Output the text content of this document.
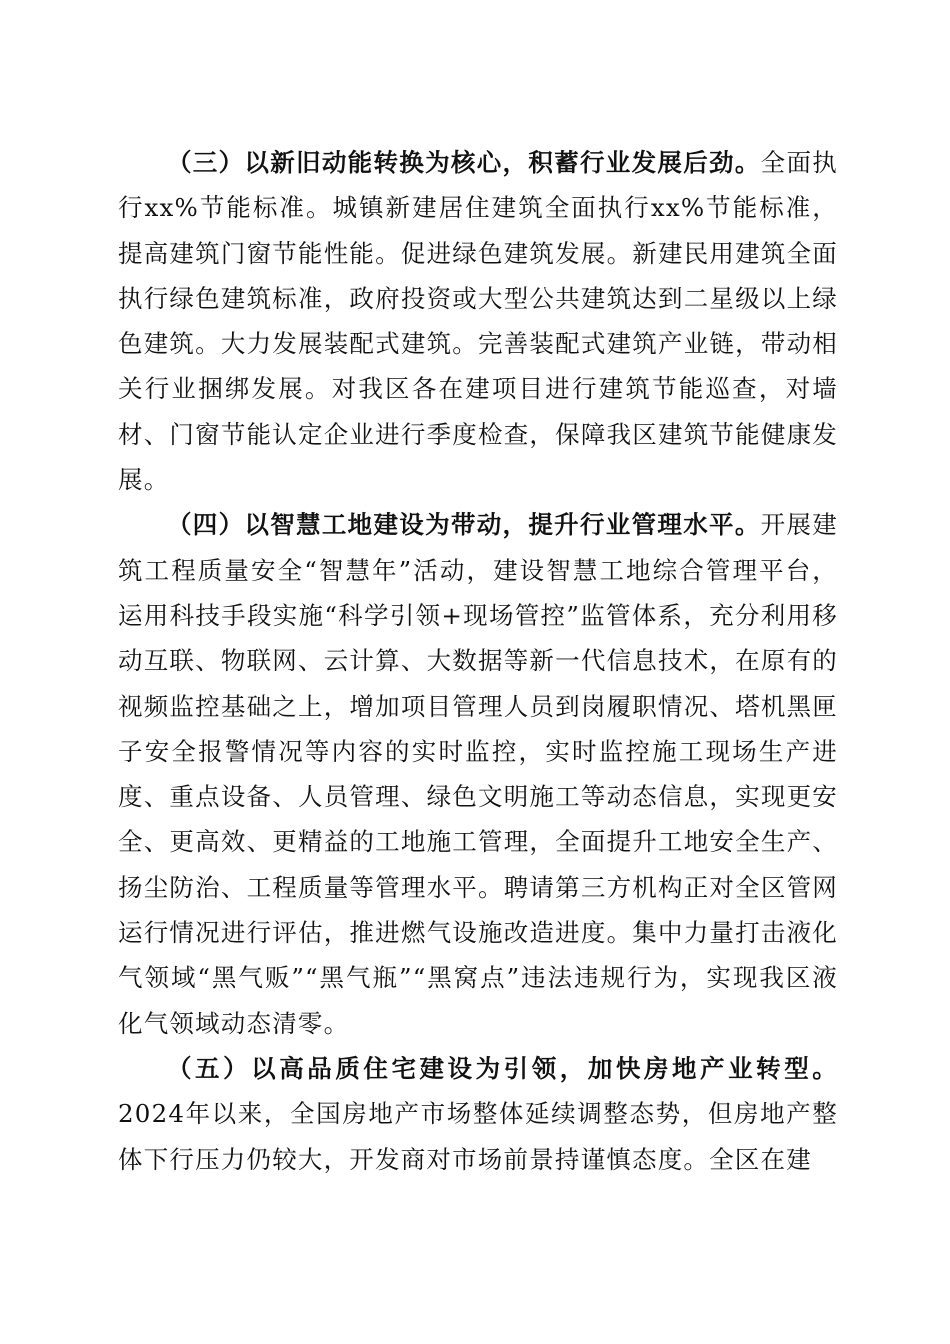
（三）以新旧动能转换为核心，积蓄行业发展后劲。全面执行xx%节能标准。城镇新建居住建筑全面执行xx%节能标准，提高建筑门窗节能性能。促进绿色建筑发展。新建民用建筑全面执行绿色建筑标准，政府投资或大型公共建筑达到二星级以上绿色建筑。大力发展装配式建筑。完善装配式建筑产业链，带动相关行业捆绑发展。对我区各在建项目进行建筑节能巡查，对墙材、门窗节能认定企业进行季度检查，保障我区建筑节能健康发展。

（四）以智慧工地建设为带动，提升行业管理水平。开展建筑工程质量安全“智慧年”活动，建设智慧工地综合管理平台，运用科技手段实施“科学引领+现场管控”监管体系，充分利用移动互联、物联网、云计算、大数据等新一代信息技术，在原有的视频监控基础之上，增加项目管理人员到岗履职情况、塔机黑匣子安全报警情况等内容的实时监控，实时监控施工现场生产进度、重点设备、人员管理、绿色文明施工等动态信息，实现更安全、更高效、更精益的工地施工管理，全面提升工地安全生产、扬尘防治、工程质量等管理水平。聘请第三方机构正对全区管网运行情况进行评估，推进燃气设施改造进度。集中力量打击液化气领域“黑气贩”“黑气瓶”“黑窝点”违法违规行为，实现我区液化气领域动态清零。

（五）以高品质住宅建设为引领，加快房地产业转型。2024年以来，全国房地产市场整体延续调整态势，但房地产整体下行压力仍较大，开发商对市场前景持谨慎态度。全区在建
